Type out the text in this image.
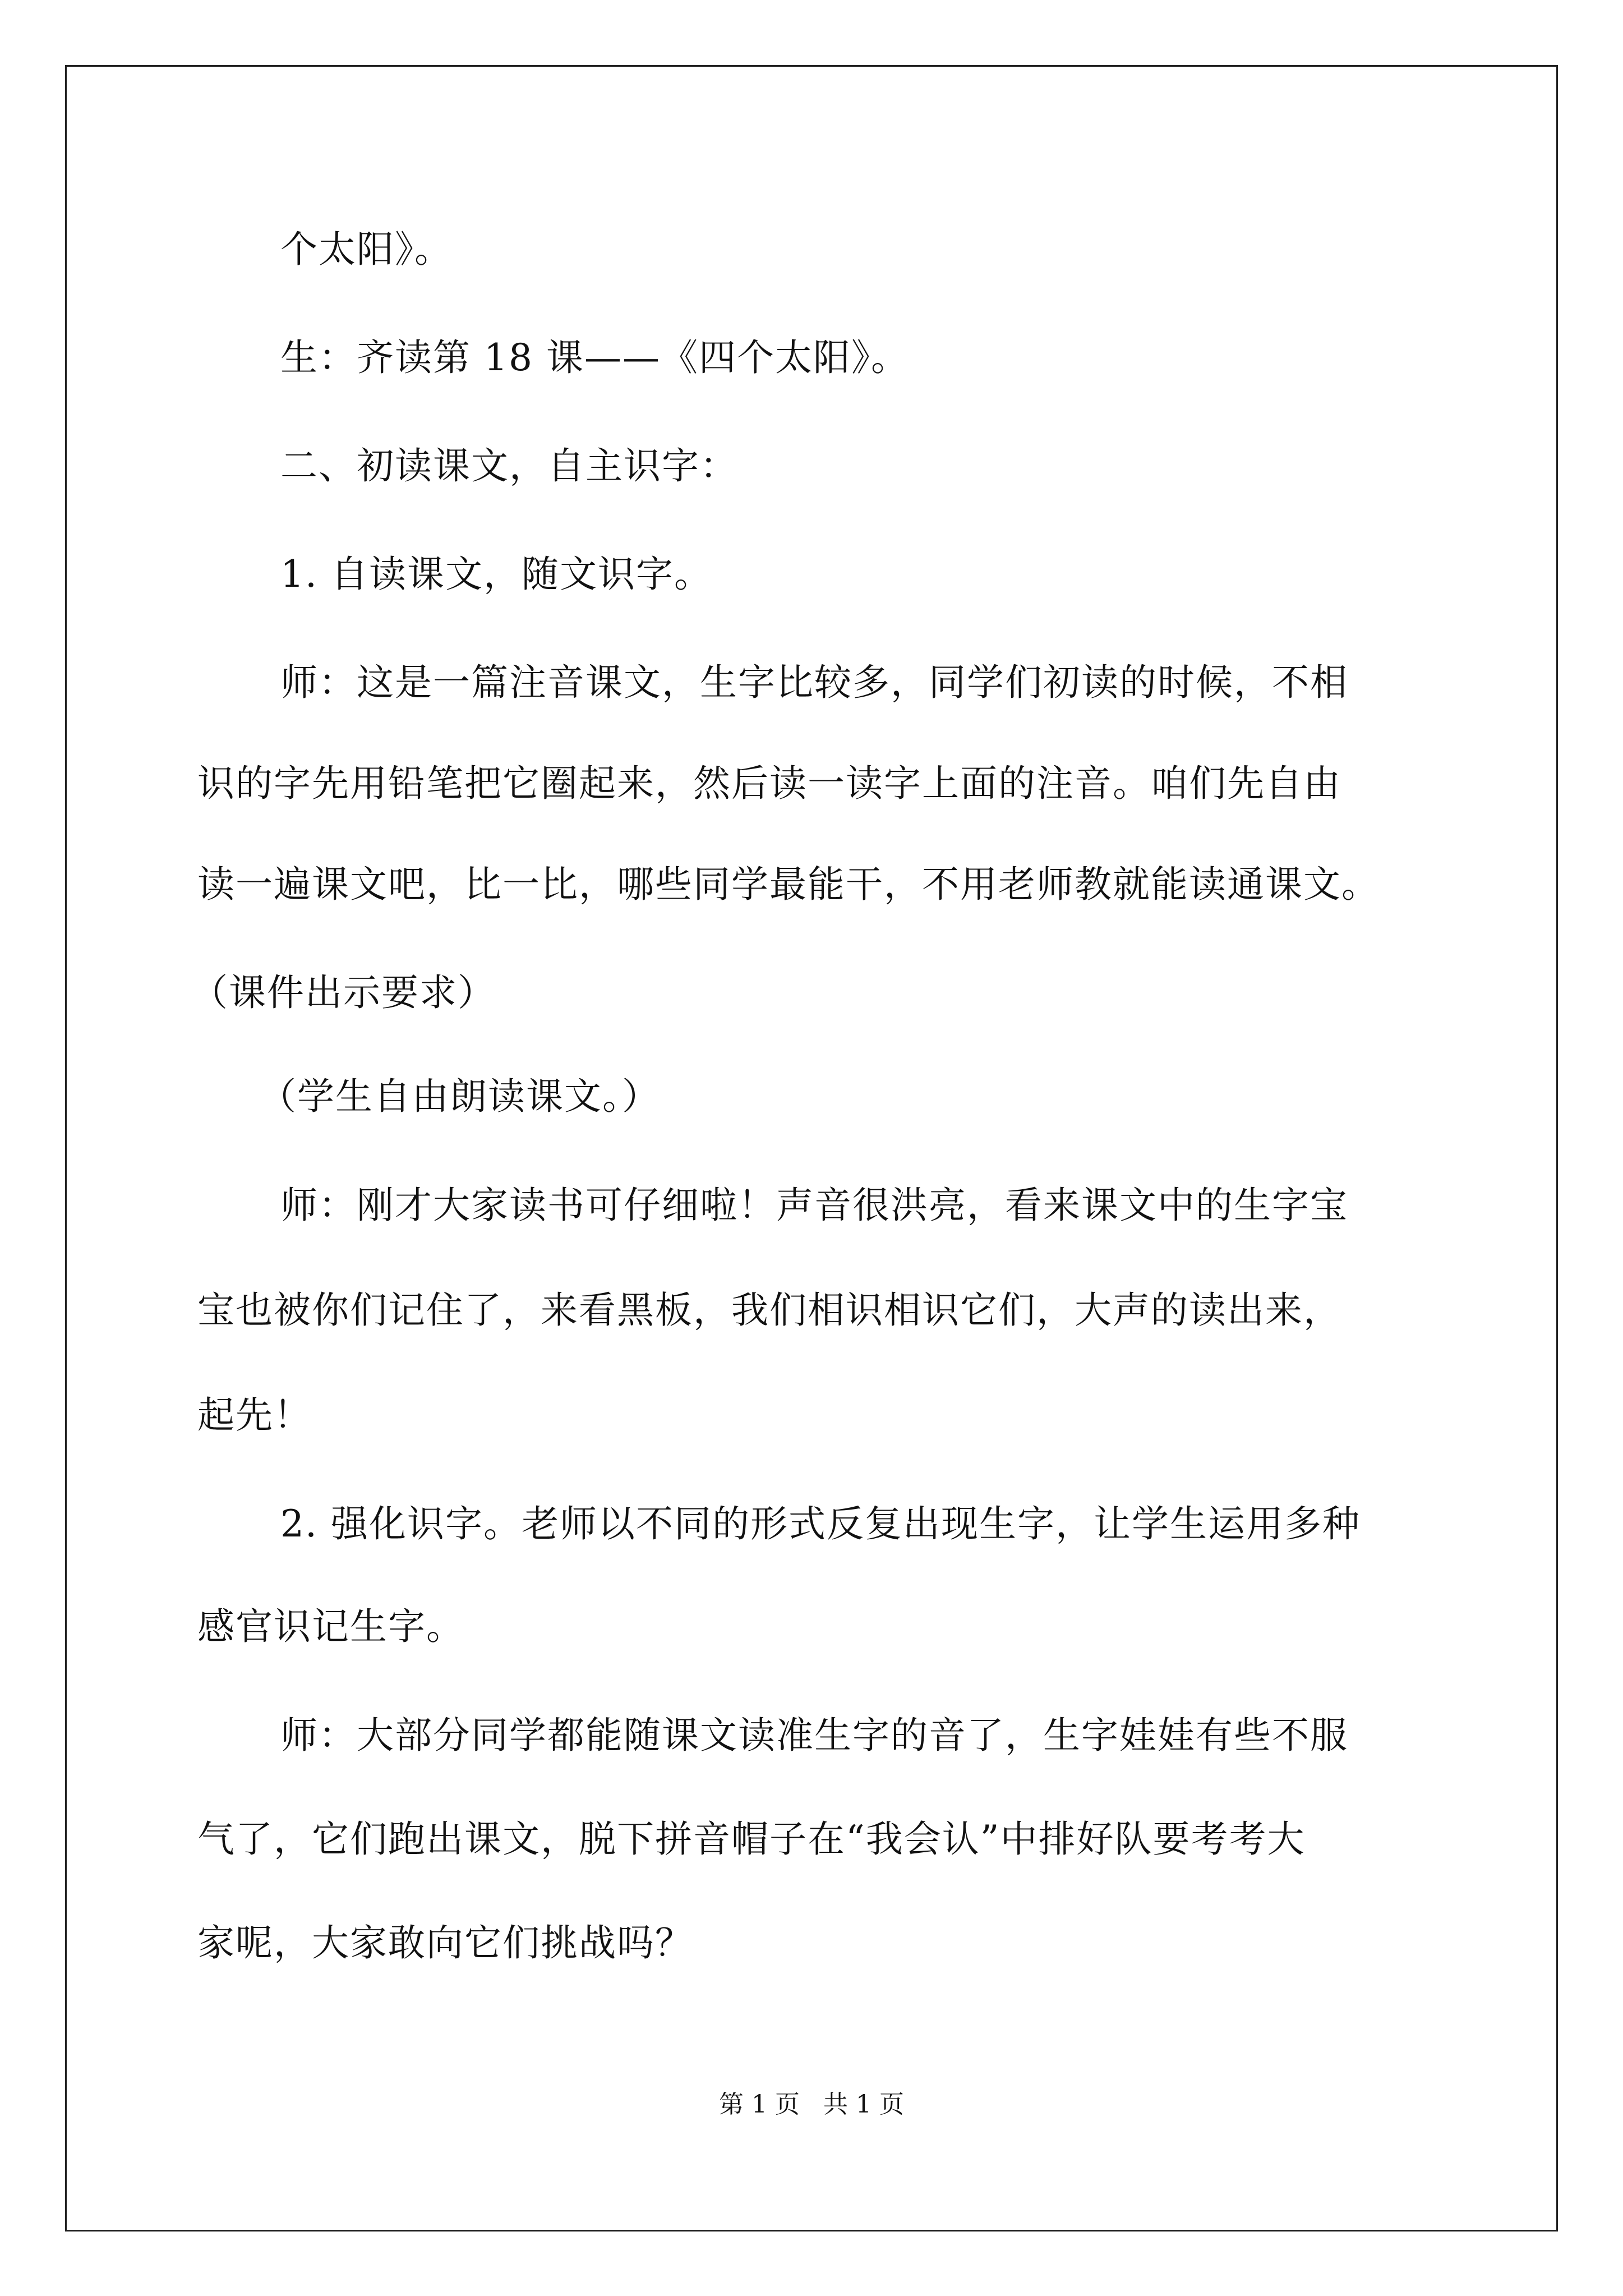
个太阳》。
生：齐读第 18 课——《四个太阳》。
二、初读课文，自主识字：
1. 自读课文，随文识字。
师：这是一篇注音课文，生字比较多，同学们初读的时候，不相
识的字先用铅笔把它圈起来，然后读一读字上面的注音。咱们先自由
读一遍课文吧，比一比，哪些同学最能干，不用老师教就能读通课文。
（课件出示要求）
（学生自由朗读课文。）
师：刚才大家读书可仔细啦！声音很洪亮，看来课文中的生字宝
宝也被你们记住了，来看黑板，我们相识相识它们，大声的读出来，
起先！
2. 强化识字。老师以不同的形式反复出现生字，让学生运用多种
感官识记生字。
师：大部分同学都能随课文读准生字的音了，生字娃娃有些不服
气了，它们跑出课文，脱下拼音帽子在“我会认”中排好队要考考大
家呢，大家敢向它们挑战吗？
第 1 页   共 1 页
